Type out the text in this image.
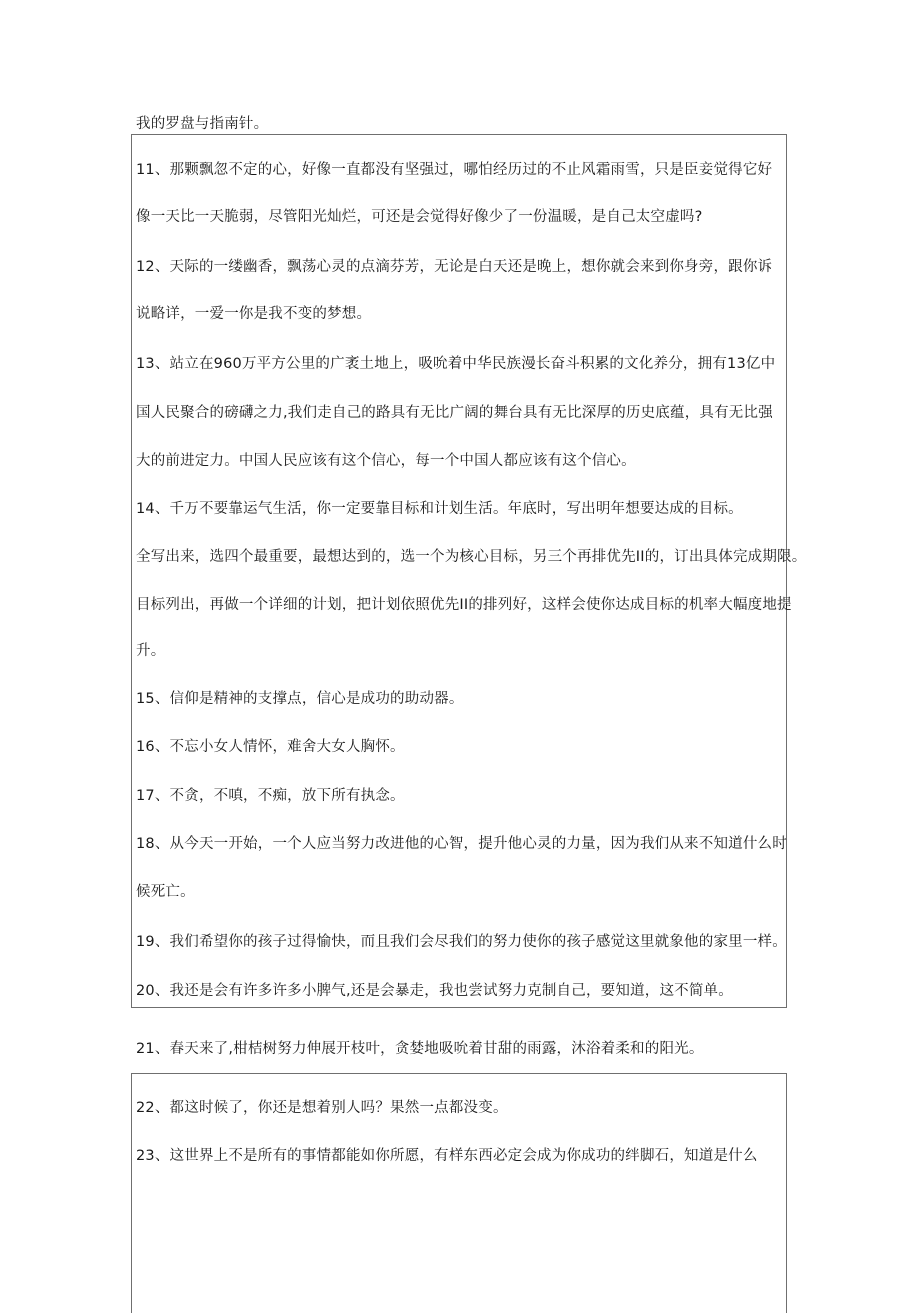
我的罗盘与指南针。
11、那颗飘忽不定的心，好像一直都没有坚强过，哪怕经历过的不止风霜雨雪，只是臣妾觉得它好
像一天比一天脆弱，尽管阳光灿烂，可还是会觉得好像少了一份温暖，是自己太空虚吗?
12、天际的一缕幽香，飘荡心灵的点滴芬芳，无论是白天还是晚上，想你就会来到你身旁，跟你诉
说略详，一爱一你是我不变的梦想。
13、站立在960万平方公里的广袤土地上，吸吮着中华民族漫长奋斗积累的文化养分，拥有13亿中
国人民聚合的磅礴之力,我们走自己的路具有无比广阔的舞台具有无比深厚的历史底蕴，具有无比强
大的前进定力。中国人民应该有这个信心，每一个中国人都应该有这个信心。
14、千万不要靠运气生活，你一定要靠目标和计划生活。年底时，写出明年想要达成的目标。
全写出来，选四个最重要，最想达到的，选一个为核心目标，另三个再排优先II的，订出具体完成期限。
目标列出，再做一个详细的计划，把计划依照优先II的排列好，这样会使你达成目标的机率大幅度地提
升。
15、信仰是精神的支撑点，信心是成功的助动器。
16、不忘小女人情怀，难舍大女人胸怀。
17、不贪，不嗔，不痴，放下所有执念。
18、从今天一开始，一个人应当努力改进他的心智，提升他心灵的力量，因为我们从来不知道什么时
候死亡。
19、我们希望你的孩子过得愉快，而且我们会尽我们的努力使你的孩子感觉这里就象他的家里一样。
20、我还是会有许多许多小脾气,还是会暴走，我也尝试努力克制自己，要知道，这不简单。
21、春天来了,柑桔树努力伸展开枝叶，贪婪地吸吮着甘甜的雨露，沐浴着柔和的阳光。
22、都这时候了，你还是想着别人吗？果然一点都没变。
23、这世界上不是所有的事情都能如你所愿，有样东西必定会成为你成功的绊脚石，知道是什么
